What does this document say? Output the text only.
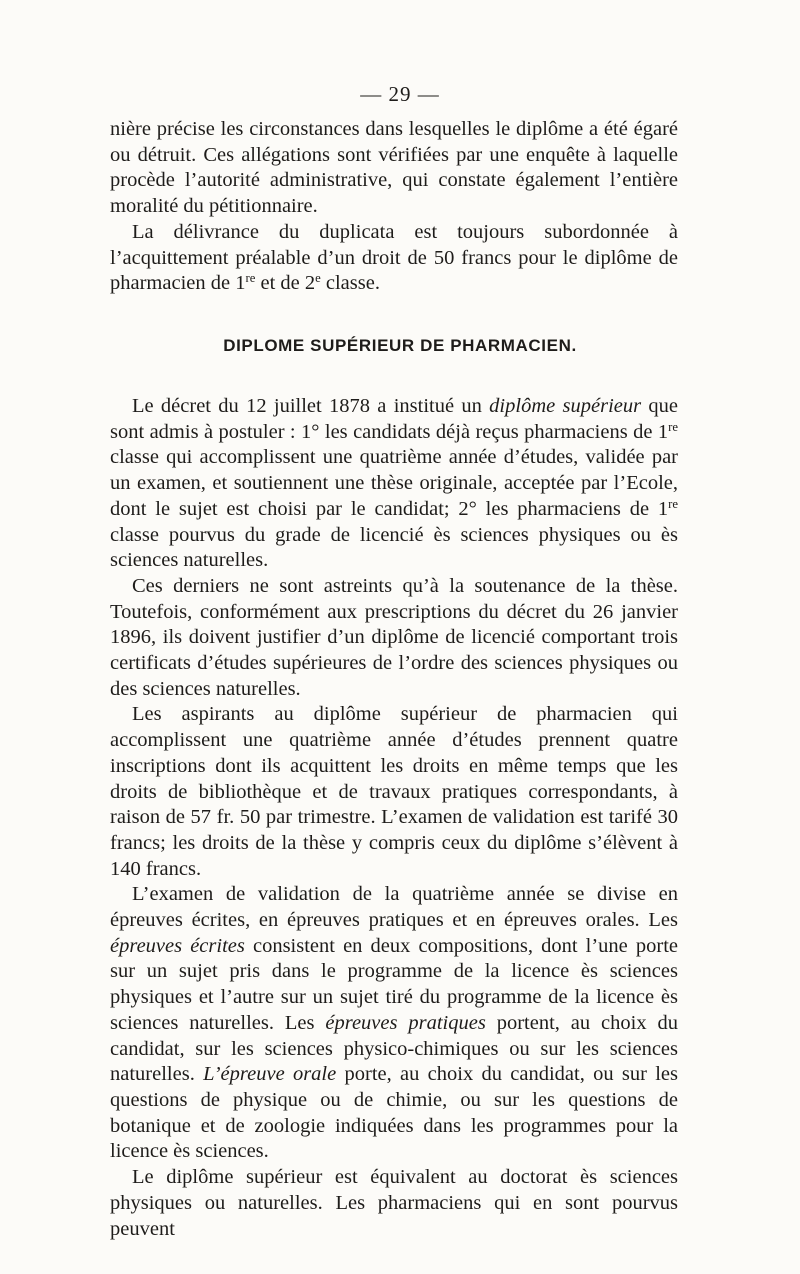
— 29 —

nière précise les circonstances dans lesquelles le diplôme a été égaré ou détruit. Ces allégations sont vérifiées par une enquête à laquelle procède l’autorité administrative, qui constate également l’entière moralité du pétitionnaire.

La délivrance du duplicata est toujours subordonnée à l’acquittement préalable d’un droit de 50 francs pour le diplôme de pharmacien de 1re et de 2e classe.

DIPLOME SUPÉRIEUR DE PHARMACIEN.

Le décret du 12 juillet 1878 a institué un diplôme supérieur que sont admis à postuler : 1° les candidats déjà reçus pharmaciens de 1re classe qui accomplissent une quatrième année d’études, validée par un examen, et soutiennent une thèse originale, acceptée par l’Ecole, dont le sujet est choisi par le candidat; 2° les pharmaciens de 1re classe pourvus du grade de licencié ès sciences physiques ou ès sciences naturelles.

Ces derniers ne sont astreints qu’à la soutenance de la thèse. Toutefois, conformément aux prescriptions du décret du 26 janvier 1896, ils doivent justifier d’un diplôme de licencié comportant trois certificats d’études supérieures de l’ordre des sciences physiques ou des sciences naturelles.

Les aspirants au diplôme supérieur de pharmacien qui accomplissent une quatrième année d’études prennent quatre inscriptions dont ils acquittent les droits en même temps que les droits de bibliothèque et de travaux pratiques correspondants, à raison de 57 fr. 50 par trimestre. L’examen de validation est tarifé 30 francs; les droits de la thèse y compris ceux du diplôme s’élèvent à 140 francs.

L’examen de validation de la quatrième année se divise en épreuves écrites, en épreuves pratiques et en épreuves orales. Les épreuves écrites consistent en deux compositions, dont l’une porte sur un sujet pris dans le programme de la licence ès sciences physiques et l’autre sur un sujet tiré du programme de la licence ès sciences naturelles. Les épreuves pratiques portent, au choix du candidat, sur les sciences physico-chimiques ou sur les sciences naturelles. L’épreuve orale porte, au choix du candidat, ou sur les questions de physique ou de chimie, ou sur les questions de botanique et de zoologie indiquées dans les programmes pour la licence ès sciences.

Le diplôme supérieur est équivalent au doctorat ès sciences physiques ou naturelles. Les pharmaciens qui en sont pourvus peuvent
